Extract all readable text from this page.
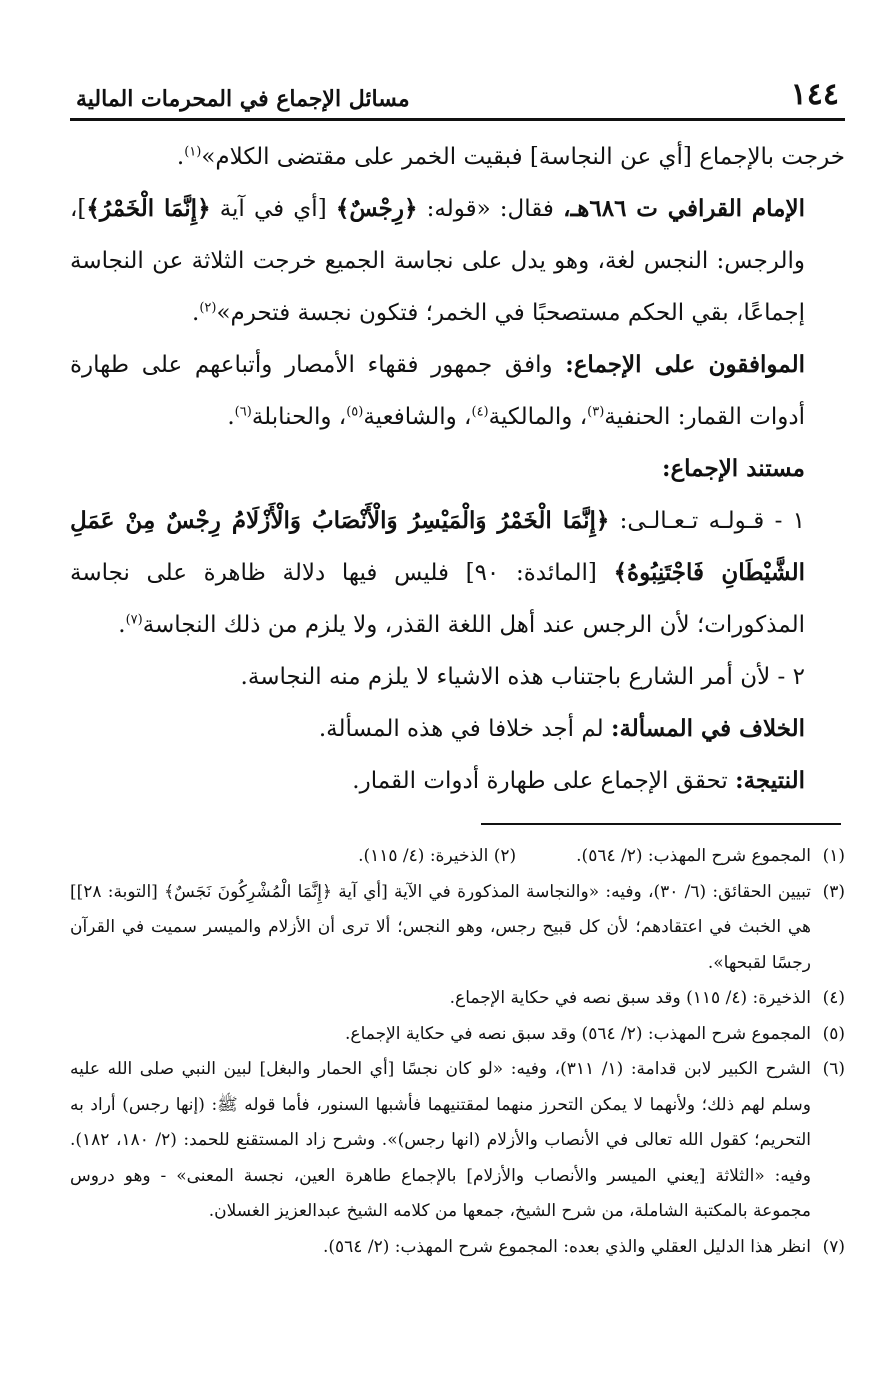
١٤٤
مسائل الإجماع في المحرمات المالية

خرجت بالإجماع [أي عن النجاسة] فبقيت الخمر على مقتضى الكلام»$^{(١)}$.

الإمام القرافي ت ٦٨٦هـ، فقال: «قوله: ﴿رِجْسٌ﴾ [أي في آية ﴿إِنَّمَا الْخَمْرُ﴾]، والرجس: النجس لغة، وهو يدل على نجاسة الجميع خرجت الثلاثة عن النجاسة إجماعًا، بقي الحكم مستصحبًا في الخمر؛ فتكون نجسة فتحرم»$^{(٢)}$.

الموافقون على الإجماع: وافق جمهور فقهاء الأمصار وأتباعهم على طهارة أدوات القمار: الحنفية$^{(٣)}$، والمالكية$^{(٤)}$، والشافعية$^{(٥)}$، والحنابلة$^{(٦)}$.

مستند الإجماع:

١ - قـولـه تـعـالـى: ﴿إِنَّمَا الْخَمْرُ وَالْمَيْسِرُ وَالْأَنْصَابُ وَالْأَزْلَامُ رِجْسٌ مِنْ عَمَلِ الشَّيْطَانِ فَاجْتَنِبُوهُ﴾ [المائدة: ٩٠] فليس فيها دلالة ظاهرة على نجاسة المذكورات؛ لأن الرجس عند أهل اللغة القذر، ولا يلزم من ذلك النجاسة$^{(٧)}$.

٢ - لأن أمر الشارع باجتناب هذه الاشياء لا يلزم منه النجاسة.

الخلاف في المسألة: لم أجد خلافا في هذه المسألة.

النتيجة: تحقق الإجماع على طهارة أدوات القمار.

(١)
المجموع شرح المهذب: (٢/ ٥٦٤).
(٢)

الذخيرة: (٤/ ١١٥).
(٣)
تبيين الحقائق: (٦/ ٣٠)، وفيه: «والنجاسة المذكورة في الآية [أي آية ﴿إِنَّمَا الْمُشْرِكُونَ نَجَسٌ﴾ [التوبة: ٢٨]] هي الخبث في اعتقادهم؛ لأن كل قبيح رجس، وهو النجس؛ ألا ترى أن الأزلام والميسر سميت في القرآن رجسًا لقبحها».
(٤)
الذخيرة: (٤/ ١١٥) وقد سبق نصه في حكاية الإجماع.
(٥)
المجموع شرح المهذب: (٢/ ٥٦٤) وقد سبق نصه في حكاية الإجماع.
(٦)
الشرح الكبير لابن قدامة: (١/ ٣١١)، وفيه: «لو كان نجسًا [أي الحمار والبغل] لبين النبي صلى الله عليه وسلم لهم ذلك؛ ولأنهما لا يمكن التحرز منهما لمقتنيهما فأشبها السنور، فأما قوله ﷺ: (إنها رجس) أراد به التحريم؛ كقول الله تعالى في الأنصاب والأزلام (انها رجس)». وشرح زاد المستقنع للحمد: (٢/ ١٨٠، ١٨٢). وفيه: «الثلاثة [يعني الميسر والأنصاب والأزلام] بالإجماع طاهرة العين، نجسة المعنى» - وهو دروس مجموعة بالمكتبة الشاملة، من شرح الشيخ، جمعها من كلامه الشيخ عبدالعزيز الغسلان.
(٧)
انظر هذا الدليل العقلي والذي بعده: المجموع شرح المهذب: (٢/ ٥٦٤).
